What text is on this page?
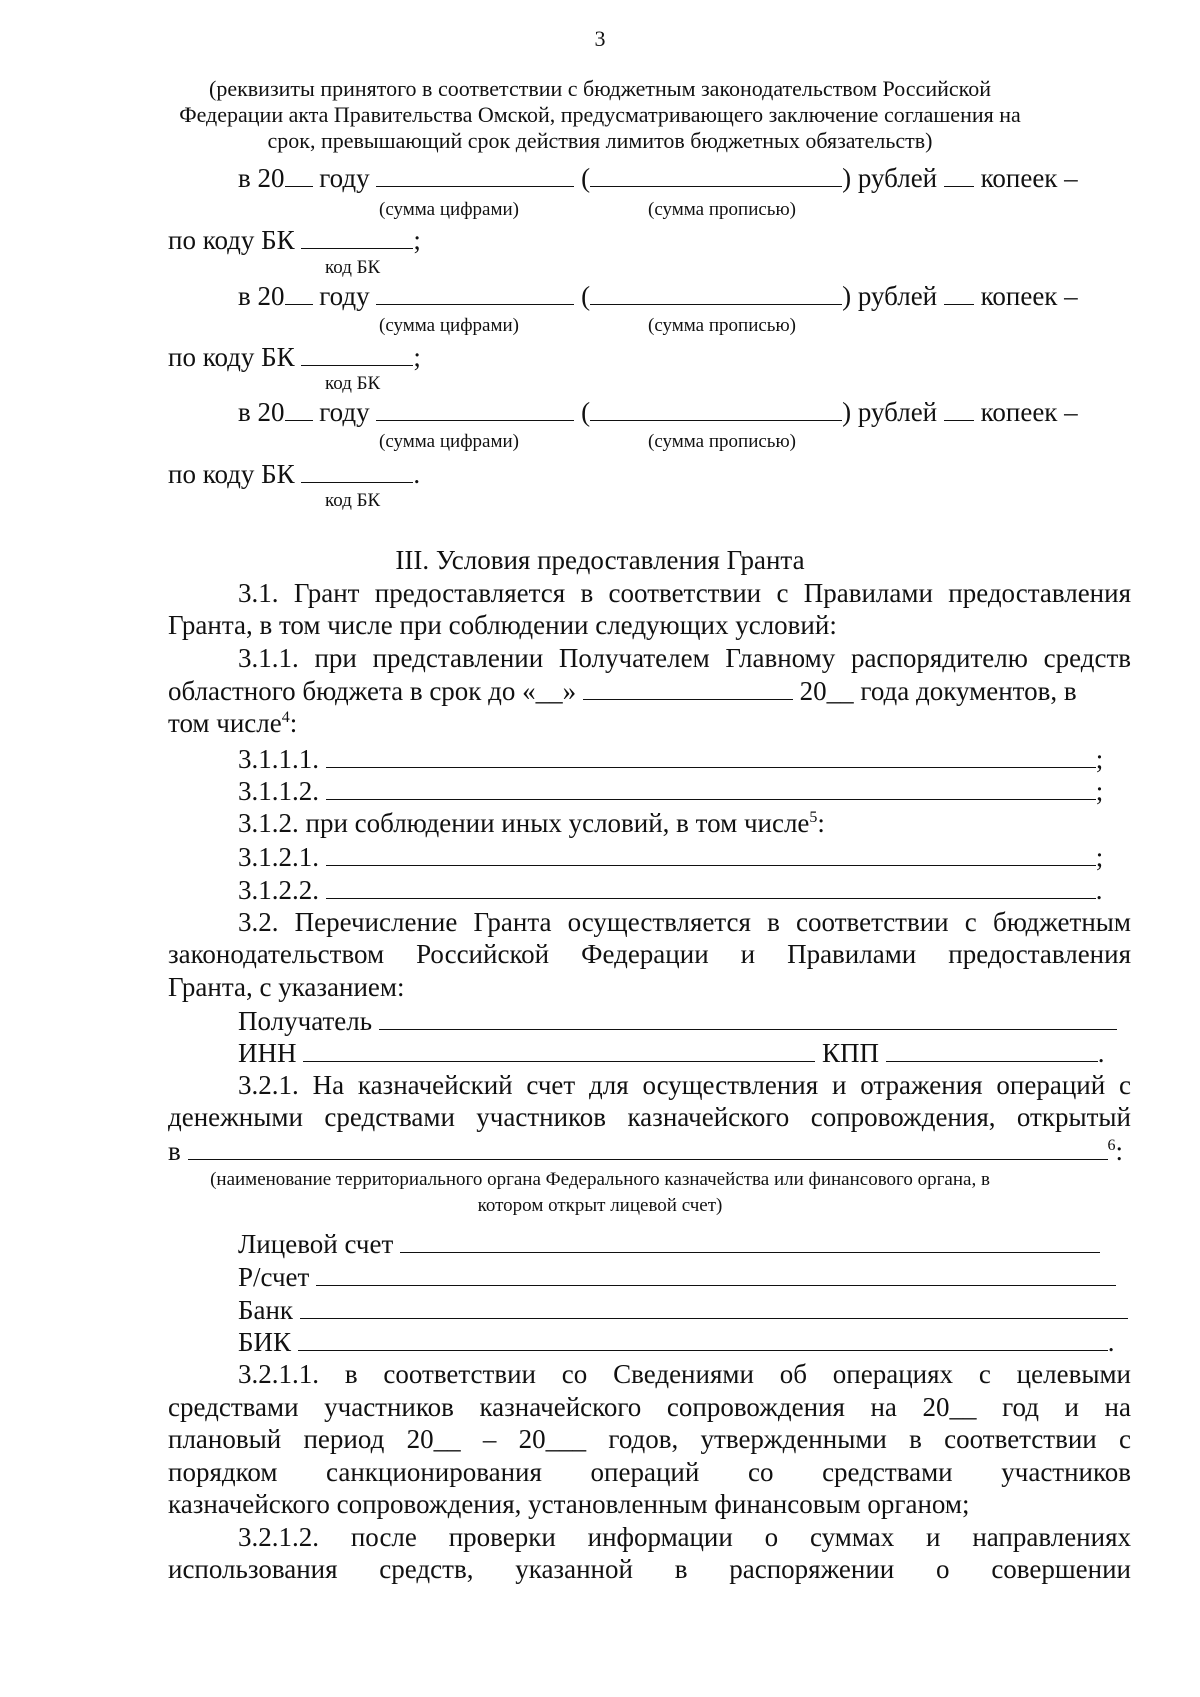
3
(реквизиты принятого в соответствии с бюджетным законодательством Российской
Федерации акта Правительства Омской, предусматривающего заключение соглашения на
срок, превышающий срок действия лимитов бюджетных обязательств)
в 20 году	(	) рублей копеек –
(сумма цифрами)	(сумма прописью)
по коду БК	;
код БК
в 20 году	(	) рублей копеек –
(сумма цифрами)	(сумма прописью)
по коду БК	;
код БК
в 20 году	(	) рублей копеек –
(сумма цифрами)	(сумма прописью)
по коду БК	.
код БК
III. Условия предоставления Гранта
3.1. Грант предоставляется в соответствии с Правилами предоставления
Гранта, в том числе при соблюдении следующих условий:
3.1.1. при представлении Получателем Главному распорядителю средств
областного бюджета в срок до «__»	20__ года документов, в
том числе$^4$:
3.1.1.1.	;
3.1.1.2.	;
3.1.2. при соблюдении иных условий, в том числе$^5$:
3.1.2.1.	;
3.1.2.2.	.
3.2. Перечисление Гранта осуществляется в соответствии с бюджетным
законодательством Российской Федерации и Правилами предоставления
Гранта, с указанием:
Получатель
ИНН	КПП	.
3.2.1. На казначейский счет для осуществления и отражения операций с
денежными средствами участников казначейского сопровождения, открытый
в	$^6$:
(наименование территориального органа Федерального казначейства или финансового органа, в
котором открыт лицевой счет)
Лицевой счет
Р/счет
Банк
БИК	.
3.2.1.1. в соответствии со Сведениями об операциях с целевыми
средствами участников казначейского сопровождения на 20__ год и на
плановый период 20__ – 20___ годов, утвержденными в соответствии с
порядком санкционирования операций со средствами участников
казначейского сопровождения, установленным финансовым органом;
3.2.1.2. после проверки информации о суммах и направлениях
использования средств, указанной в распоряжении о совершении
